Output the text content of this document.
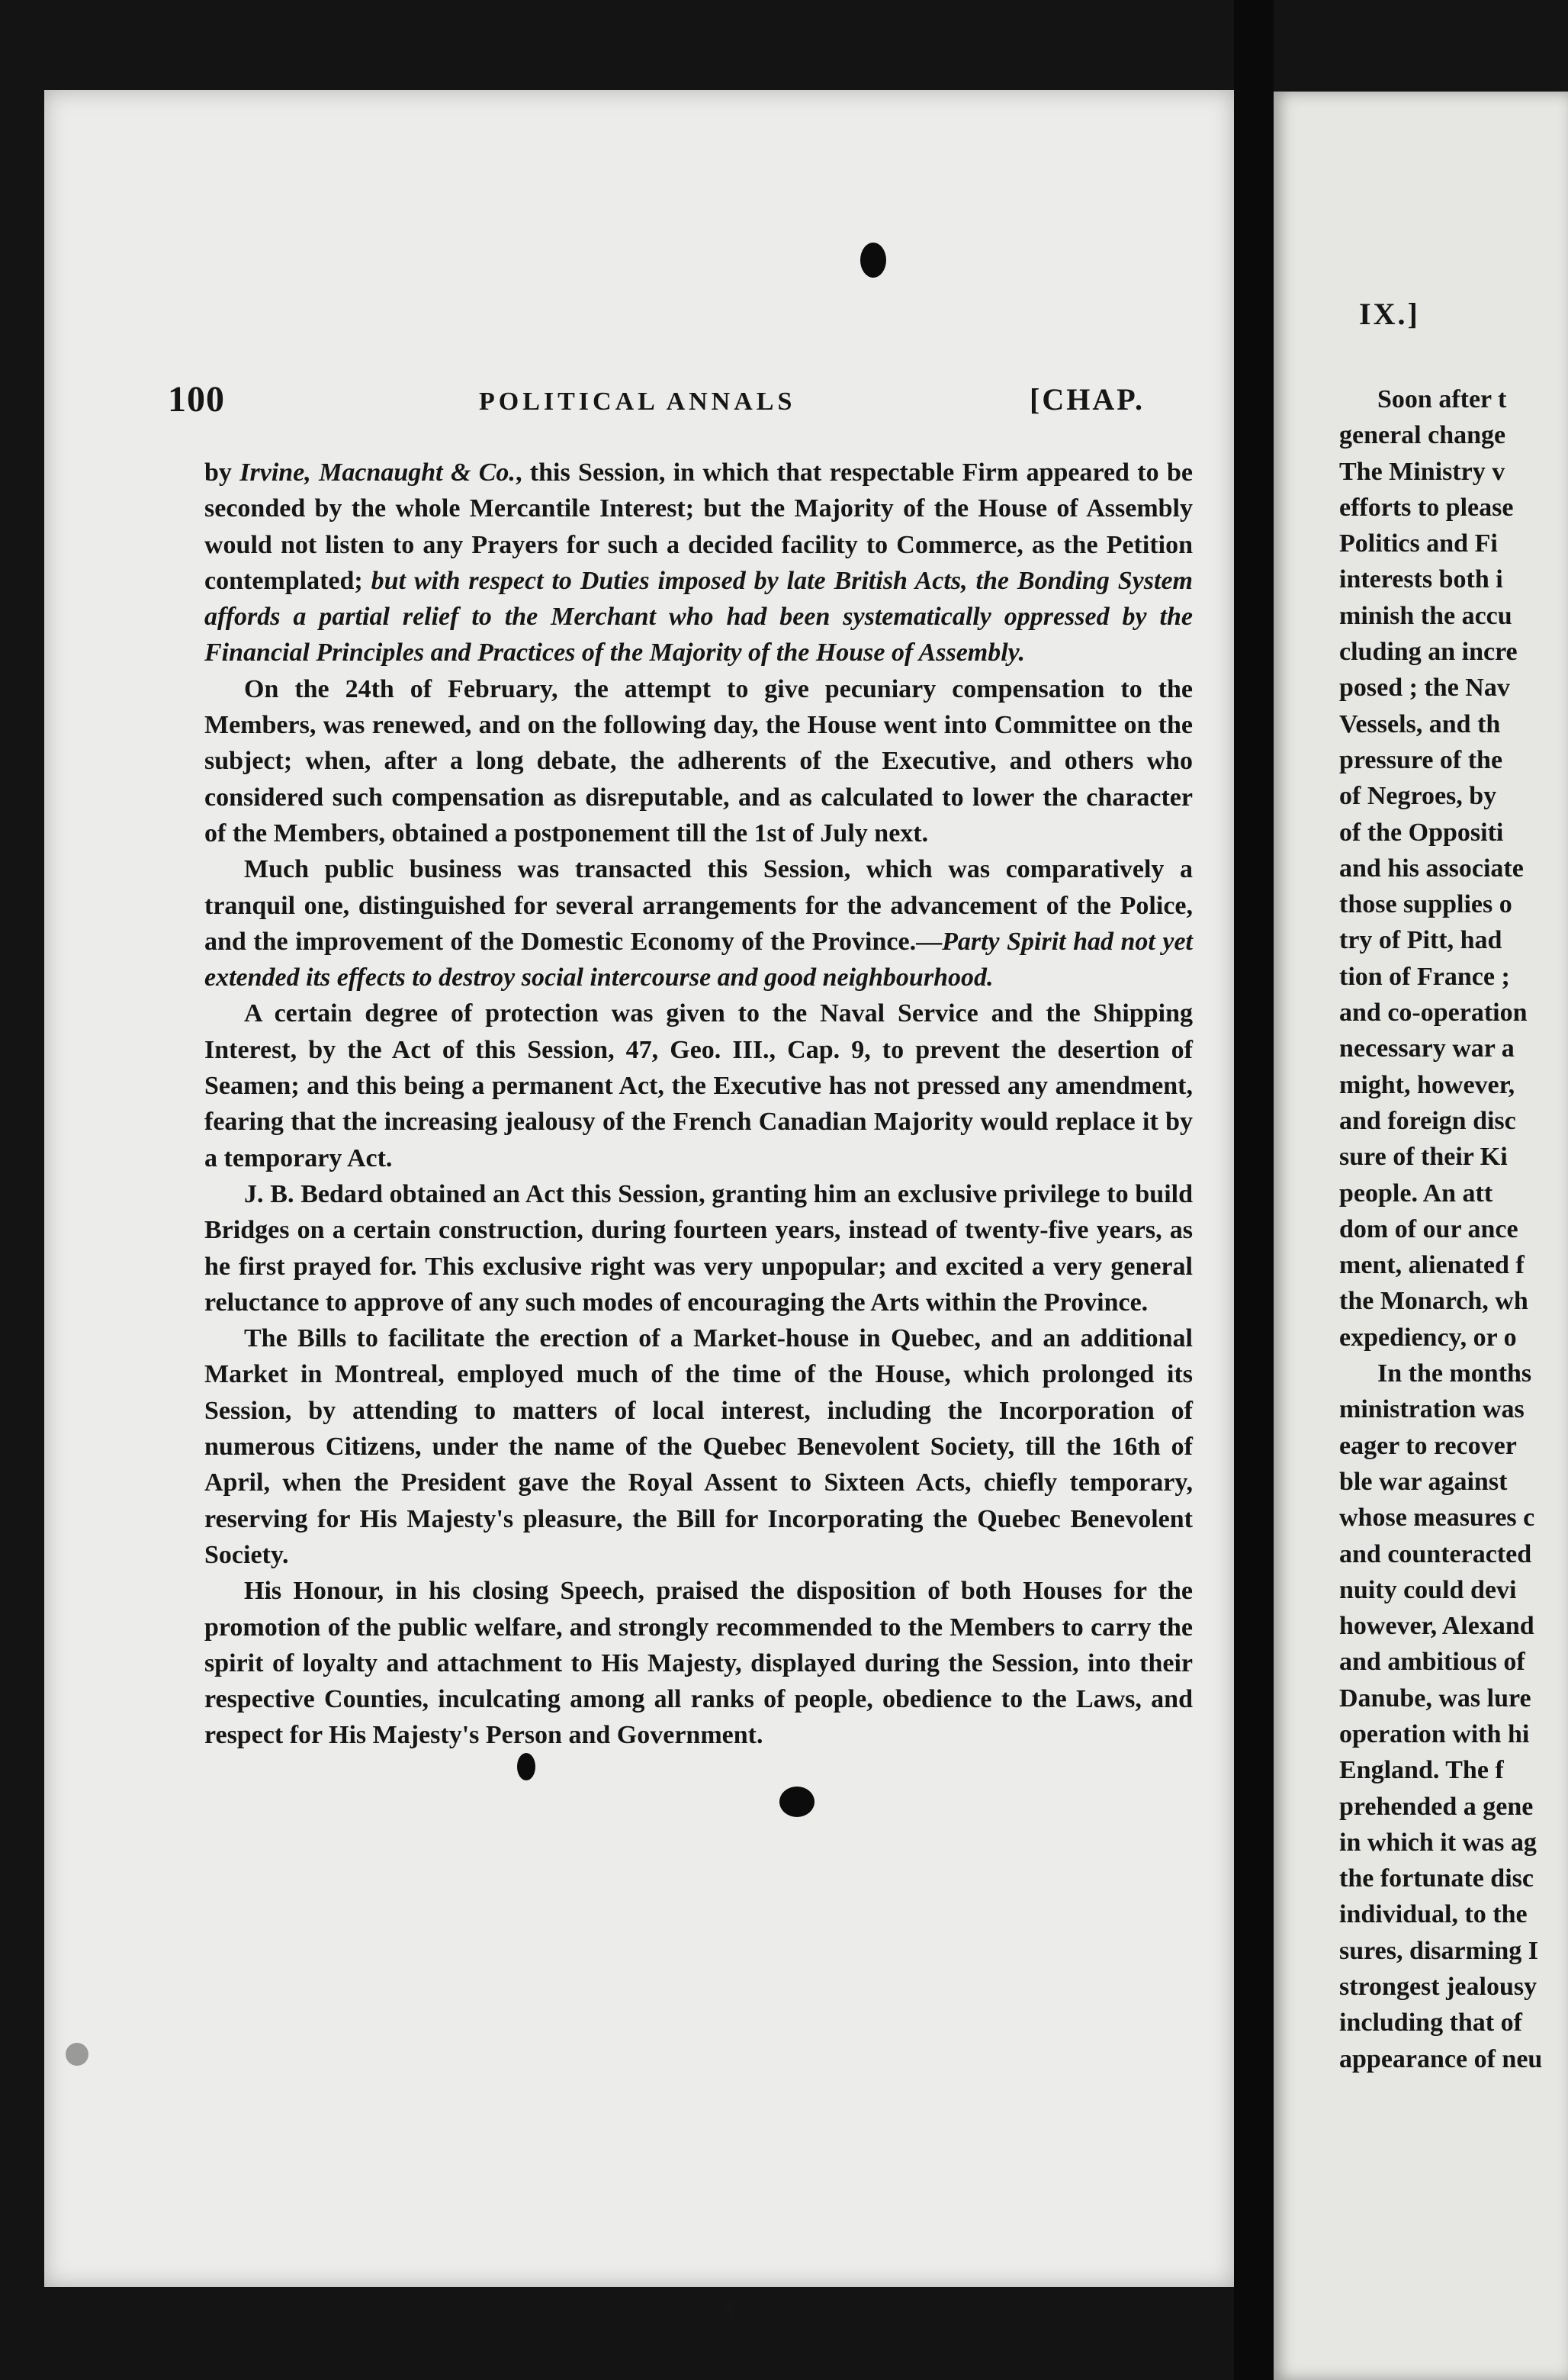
100	POLITICAL ANNALS	[CHAP.

by Irvine, Macnaught & Co., this Session, in which that respectable Firm appeared to be seconded by the whole Mercantile Interest; but the Majority of the House of Assembly would not listen to any Prayers for such a decided facility to Commerce, as the Petition contemplated; but with respect to Duties imposed by late British Acts, the Bonding System affords a partial relief to the Merchant who had been systematically oppressed by the Financial Principles and Practices of the Majority of the House of Assembly.

On the 24th of February, the attempt to give pecuniary compensation to the Members, was renewed, and on the following day, the House went into Committee on the subject; when, after a long debate, the adherents of the Executive, and others who considered such compensation as disreputable, and as calculated to lower the character of the Members, obtained a postponement till the 1st of July next.

Much public business was transacted this Session, which was comparatively a tranquil one, distinguished for several arrangements for the advancement of the Police, and the improvement of the Domestic Economy of the Province.—Party Spirit had not yet extended its effects to destroy social intercourse and good neighbourhood.

A certain degree of protection was given to the Naval Service and the Shipping Interest, by the Act of this Session, 47, Geo. III., Cap. 9, to prevent the desertion of Seamen; and this being a permanent Act, the Executive has not pressed any amendment, fearing that the increasing jealousy of the French Canadian Majority would replace it by a temporary Act.

J. B. Bedard obtained an Act this Session, granting him an exclusive privilege to build Bridges on a certain construction, during fourteen years, instead of twenty-five years, as he first prayed for. This exclusive right was very unpopular; and excited a very general reluctance to approve of any such modes of encouraging the Arts within the Province.

The Bills to facilitate the erection of a Market-house in Quebec, and an additional Market in Montreal, employed much of the time of the House, which prolonged its Session, by attending to matters of local interest, including the Incorporation of numerous Citizens, under the name of the Quebec Benevolent Society, till the 16th of April, when the President gave the Royal Assent to Sixteen Acts, chiefly temporary, reserving for His Majesty's pleasure, the Bill for Incorporating the Quebec Benevolent Society.

His Honour, in his closing Speech, praised the disposition of both Houses for the promotion of the public welfare, and strongly recommended to the Members to carry the spirit of loyalty and attachment to His Majesty, displayed during the Session, into their respective Counties, inculcating among all ranks of people, obedience to the Laws, and respect for His Majesty's Person and Government.

¶
IX.]
Soon after t
general change
The Ministry v
efforts to please
Politics and Fi
interests both i
minish the accu
cluding an incre
posed ; the Nav
Vessels, and th
pressure of the
of Negroes, by
of the Oppositi
and his associate
those supplies o
try of Pitt, had
tion of France ;
and co-operation
necessary war a
might, however,
and foreign disc
sure of their Ki
people. An att
dom of our ance
ment, alienated f
the Monarch, wh
expediency, or o
In the months
ministration was
eager to recover
ble war against
whose measures c
and counteracted
nuity could devi
however, Alexand
and ambitious of
Danube, was lure
operation with hi
England. The f
prehended a gene
in which it was ag
the fortunate disc
individual, to the
sures, disarming I
strongest jealousy
including that of
appearance of neu
